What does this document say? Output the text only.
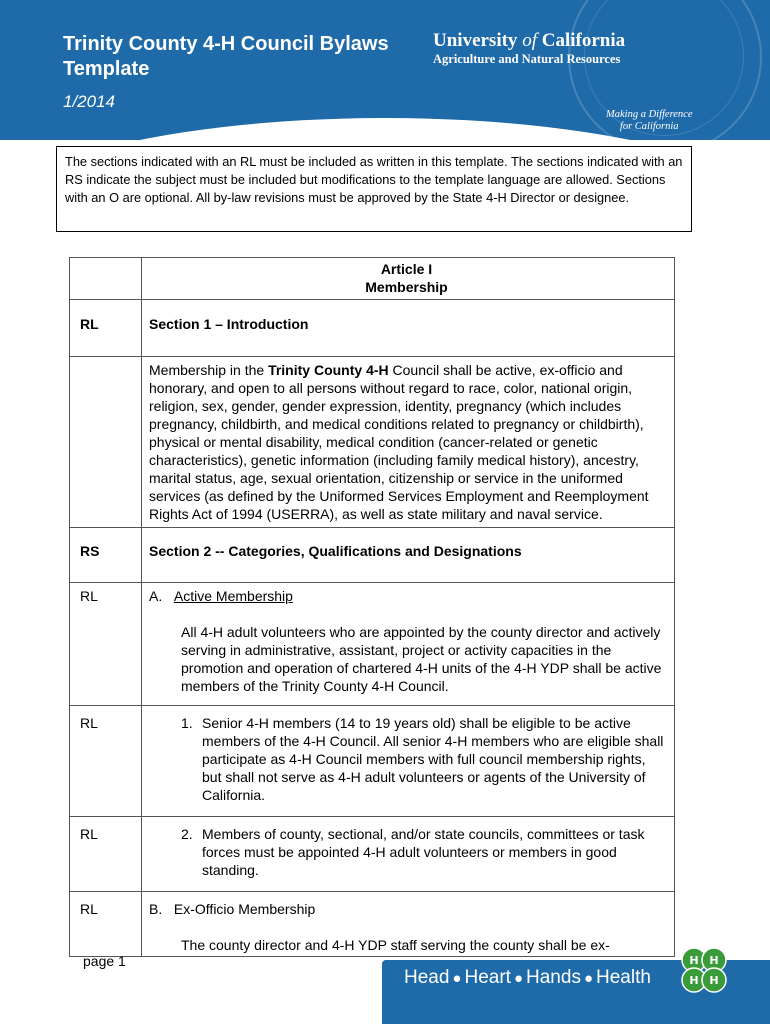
Trinity County 4-H Council Bylaws Template
1/2014
University of California
Agriculture and Natural Resources
Making a Difference
for California
The sections indicated with an RL must be included as written in this template. The sections indicated with an RS indicate the subject must be included but modifications to the template language are allowed. Sections with an O are optional. All by-law revisions must be approved by the State 4-H Director or designee.

	Article I
Membership

RL	Section 1 – Introduction
	Membership in the Trinity County 4-H Council shall be active, ex-officio and honorary, and open to all persons without regard to race, color, national origin, religion, sex, gender, gender expression, identity, pregnancy (which includes pregnancy, childbirth, and medical conditions related to pregnancy or childbirth), physical or mental disability, medical condition (cancer-related or genetic characteristics), genetic information (including family medical history), ancestry, marital status, age, sexual orientation, citizenship or service in the uniformed services (as defined by the Uniformed Services Employment and Reemployment Rights Act of 1994 (USERRA), as well as state military and naval service.
RS	Section 2 -- Categories, Qualifications and Designations
RL	A. Active Membership
All 4-H adult volunteers who are appointed by the county director and actively serving in administrative, assistant, project or activity capacities in the promotion and operation of chartered 4-H units of the 4-H YDP shall be active members of the Trinity County 4-H Council.

RL	1. Senior 4-H members (14 to 19 years old) shall be eligible to be active members of the 4-H Council. All senior 4-H members who are eligible shall participate as 4-H Council members with full council membership rights, but shall not serve as 4-H adult volunteers or agents of the University of California.

RL	2. Members of county, sectional, and/or state councils, committees or task forces must be appointed 4-H adult volunteers or members in good standing.

RL	B. Ex-Officio Membership
The county director and 4-H YDP staff serving the county shall be ex-
page 1
Head ● Heart ● Hands ● Health
H H
H H
